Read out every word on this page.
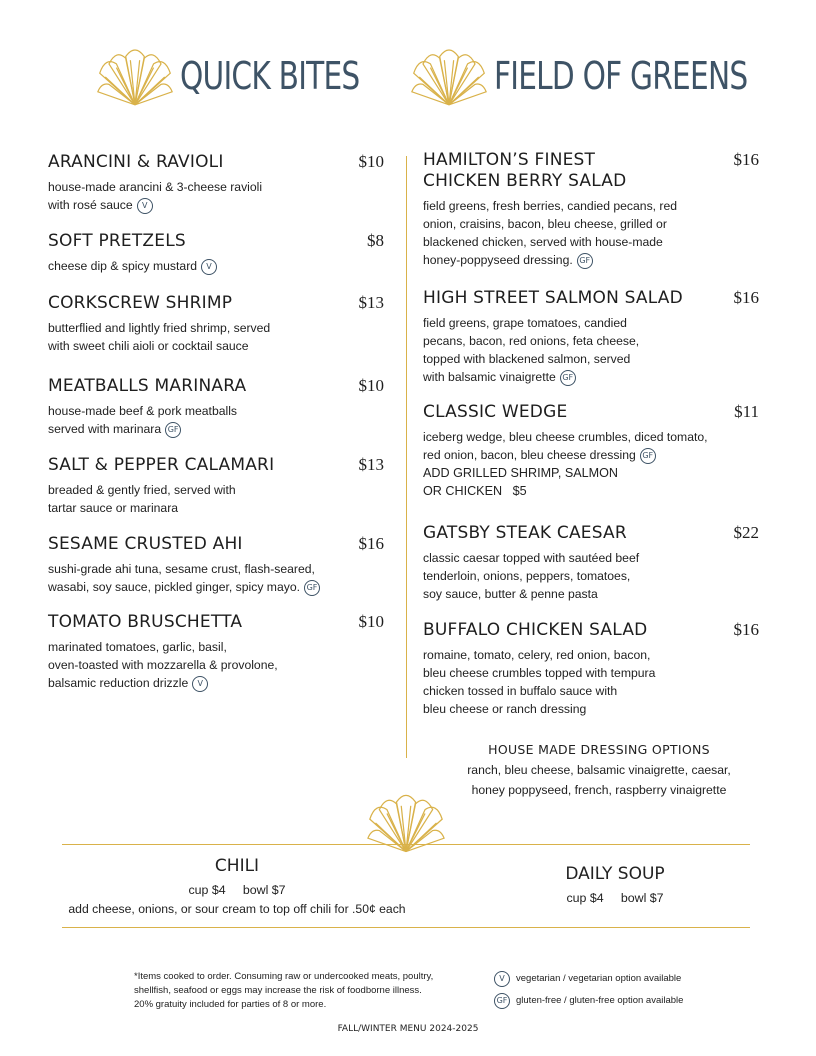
QUICK BITES	FIELD OF GREENS
ARANCINI & RAVIOLI	$10
house-made arancini & 3-cheese ravioli
with rosé sauce V
SOFT PRETZELS	$8
cheese dip & spicy mustard V
CORKSCREW SHRIMP	$13
butterflied and lightly fried shrimp, served
with sweet chili aioli or cocktail sauce
MEATBALLS MARINARA	$10
house-made beef & pork meatballs
served with marinara GF
SALT & PEPPER CALAMARI	$13
breaded & gently fried, served with
tartar sauce or marinara
SESAME CRUSTED AHI	$16
sushi-grade ahi tuna, sesame crust, flash-seared,
wasabi, soy sauce, pickled ginger, spicy mayo. GF
TOMATO BRUSCHETTA	$10
marinated tomatoes, garlic, basil,
oven-toasted with mozzarella & provolone,
balsamic reduction drizzle V
HAMILTON’S FINEST
CHICKEN BERRY SALAD
$16
field greens, fresh berries, candied pecans, red
onion, craisins, bacon, bleu cheese, grilled or
blackened chicken, served with house-made
honey-poppyseed dressing. GF
HIGH STREET SALMON SALAD	$16
field greens, grape tomatoes, candied
pecans, bacon, red onions, feta cheese,
topped with blackened salmon, served
with balsamic vinaigrette GF
CLASSIC WEDGE	$11
iceberg wedge, bleu cheese crumbles, diced tomato,
red onion, bacon, bleu cheese dressing GF
ADD GRILLED SHRIMP, SALMON
OR CHICKEN $5
GATSBY STEAK CAESAR	$22
classic caesar topped with sautéed beef
tenderloin, onions, peppers, tomatoes,
soy sauce, butter & penne pasta
BUFFALO CHICKEN SALAD	$16
romaine, tomato, celery, red onion, bacon,
bleu cheese crumbles topped with tempura
chicken tossed in buffalo sauce with
bleu cheese or ranch dressing
HOUSE MADE DRESSING OPTIONS
ranch, bleu cheese, balsamic vinaigrette, caesar,
honey poppyseed, french, raspberry vinaigrette
CHILI
cup $4     bowl $7
add cheese, onions, or sour cream to top off chili for .50¢ each
DAILY SOUP
cup $4     bowl $7
*Items cooked to order. Consuming raw or undercooked meats, poultry,
shellfish, seafood or eggs may increase the risk of foodborne illness.
20% gratuity included for parties of 8 or more.
V	vegetarian / vegetarian option available
GF gluten-free / gluten-free option available
FALL/WINTER MENU 2024-2025
